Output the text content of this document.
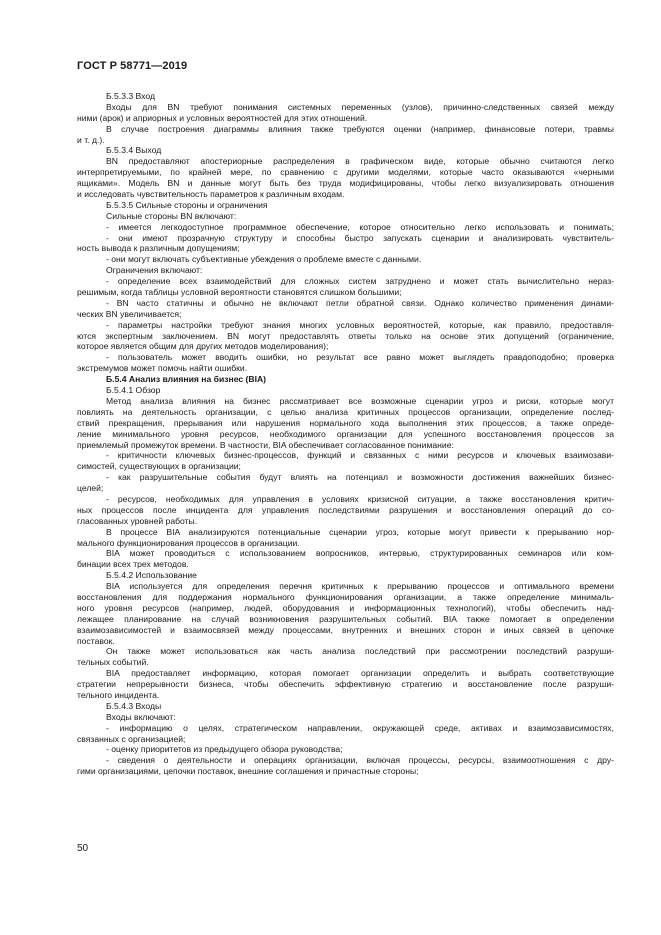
ГОСТ Р 58771—2019
Б.5.3.3 Вход
Входы для BN требуют понимания системных переменных (узлов), причинно-следственных связей между
ними (арок) и априорных и условных вероятностей для этих отношений.
В случае построения диаграммы влияния также требуются оценки (например, финансовые потери, травмы
и т. д.).
Б.5.3.4 Выход
BN предоставляют апостериорные распределения в графическом виде, которые обычно считаются легко
интерпретируемыми, по крайней мере, по сравнению с другими моделями, которые часто оказываются «черными
ящиками». Модель BN и данные могут быть без труда модифицированы, чтобы легко визуализировать отношения
и исследовать чувствительность параметров к различным входам.
Б.5.3.5 Сильные стороны и ограничения
Сильные стороны BN включают:
- имеется легкодоступное программное обеспечение, которое относительно легко использовать и понимать;
- они имеют прозрачную структуру и способны быстро запускать сценарии и анализировать чувствитель-
ность вывода к различным допущениям;
- они могут включать субъективные убеждения о проблеме вместе с данными.
Ограничения включают:
- определение всех взаимодействий для сложных систем затруднено и может стать вычислительно нераз-
решимым, когда таблицы условной вероятности становятся слишком большими;
- BN часто статичны и обычно не включают петли обратной связи. Однако количество применения динами-
ческих BN увеличивается;
- параметры настройки требуют знания многих условных вероятностей, которые, как правило, предоставля-
ются экспертным заключением. BN могут предоставлять ответы только на основе этих допущений (ограничение,
которое является общим для других методов моделирования);
- пользователь может вводить ошибки, но результат все равно может выглядеть правдоподобно; проверка
экстремумов может помочь найти ошибки.
Б.5.4 Анализ влияния на бизнес (BIA)
Б.5.4.1 Обзор
Метод анализа влияния на бизнес рассматривает все возможные сценарии угроз и риски, которые могут
повлиять на деятельность организации, с целью анализа критичных процессов организации, определение послед-
ствий прекращения, прерывания или нарушения нормального хода выполнения этих процессов, а также опреде-
ление минимального уровня ресурсов, необходимого организации для успешного восстановления процессов за
приемлемый промежуток времени. В частности, BIA обеспечивает согласованное понимание:
- критичности ключевых бизнес-процессов, функций и связанных с ними ресурсов и ключевых взаимозави-
симостей, существующих в организации;
- как разрушительные события будут влиять на потенциал и возможности достижения важнейших бизнес-
целей;
- ресурсов, необходимых для управления в условиях кризисной ситуации, а также восстановления критич-
ных процессов после инцидента для управления последствиями разрушения и восстановления операций до со-
гласованных уровней работы.
В процессе BIA анализируются потенциальные сценарии угроз, которые могут привести к прерыванию нор-
мального функционирования процессов в организации.
BIA может проводиться с использованием вопросников, интервью, структурированных семинаров или ком-
бинации всех трех методов.
Б.5.4.2 Использование
BIA используется для определения перечня критичных к прерыванию процессов и оптимального времени
восстановления для поддержания нормального функционирования организации, а также определение минималь-
ного уровня ресурсов (например, людей, оборудования и информационных технологий), чтобы обеспечить над-
лежащее планирование на случай возникновения разрушительных событий. BIA также помогает в определении
взаимозависимостей и взаимосвязей между процессами, внутренних и внешних сторон и иных связей в цепочке
поставок.
Он также может использоваться как часть анализа последствий при рассмотрении последствий разруши-
тельных событий.
BIA предоставляет информацию, которая помогает организации определить и выбрать соответствующие
стратегии непрерывности бизнеса, чтобы обеспечить эффективную стратегию и восстановление после разруши-
тельного инцидента.
Б.5.4.3 Входы
Входы включают:
- информацию о целях, стратегическом направлении, окружающей среде, активах и взаимозависимостях,
связанных с организацией;
- оценку приоритетов из предыдущего обзора руководства;
- сведения о деятельности и операциях организации, включая процессы, ресурсы, взаимоотношения с дру-
гими организациями, цепочки поставок, внешние соглашения и причастные стороны;
50
